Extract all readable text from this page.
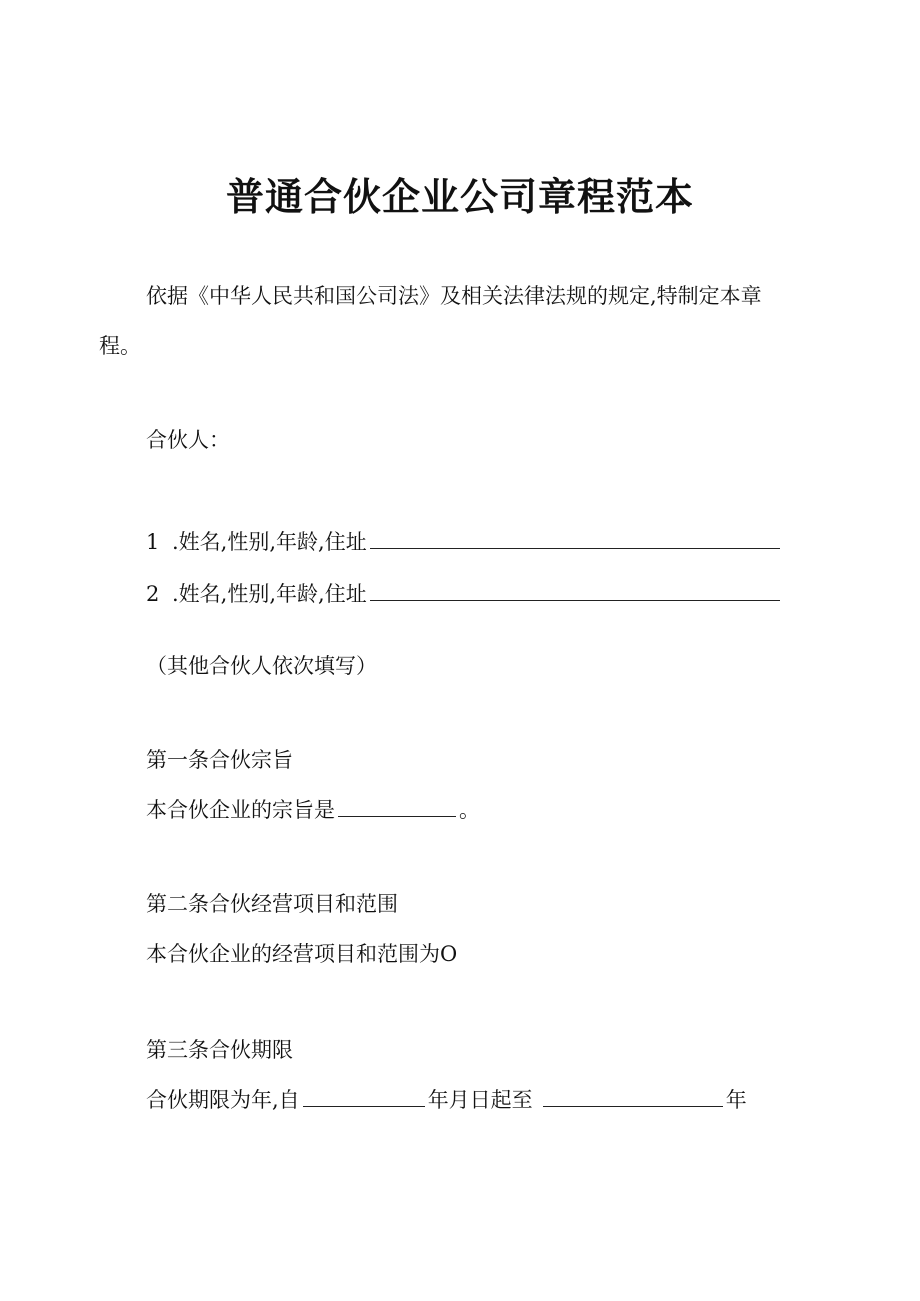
普通合伙企业公司章程范本
依据《中华人民共和国公司法》及相关法律法规的规定,特制定本章
程。
合伙人：
1 .姓名,性别,年龄,住址
2 .姓名,性别,年龄,住址
（其他合伙人依次填写）
第一条合伙宗旨
本合伙企业的宗旨是	。
第二条合伙经营项目和范围
本合伙企业的经营项目和范围为O
第三条合伙期限
合伙期限为年,自	年月日起至	年
